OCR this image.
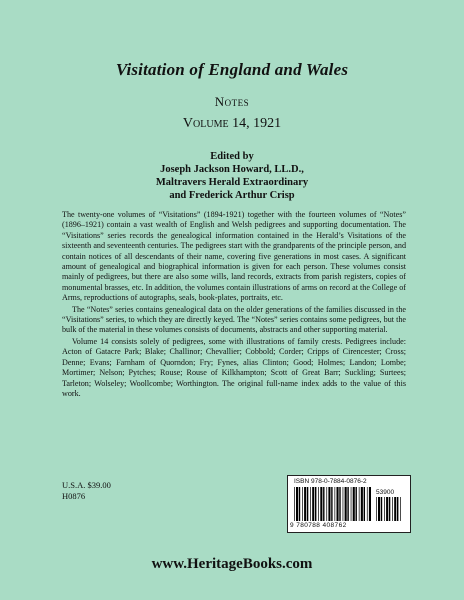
Visitation of England and Wales
Notes
Volume 14, 1921
Edited by
Joseph Jackson Howard, LL.D.,
Maltravers Herald Extraordinary
and Frederick Arthur Crisp

The twenty-one volumes of “Visitations” (1894-1921) together with the fourteen volumes of “Notes” (1896–1921) contain a vast wealth of English and Welsh pedigrees and supporting documentation. The “Visitations” series records the genealogical information contained in the Herald’s Visitations of the sixteenth and seventeenth centuries. The pedigrees start with the grandparents of the principle person, and contain notices of all descendants of their name, covering five generations in most cases. A significant amount of genealogical and biographical information is given for each person. These volumes consist mainly of pedigrees, but there are also some wills, land records, extracts from parish registers, copies of monumental brasses, etc. In addition, the volumes contain illustrations of arms on record at the College of Arms, reproductions of autographs, seals, book-plates, portraits, etc.

The “Notes” series contains genealogical data on the older generations of the families discussed in the “Visitations” series, to which they are directly keyed. The “Notes” series contains some pedigrees, but the bulk of the material in these volumes consists of documents, abstracts and other supporting material.

Volume 14 consists solely of pedigrees, some with illustrations of family crests. Pedigrees include: Acton of Gatacre Park; Blake; Challinor; Chevallier; Cobbold; Corder; Cripps of Cirencester; Cross; Denne; Evans; Farnham of Quorndon; Fry; Fynes, alias Clinton; Good; Holmes; Landon; Lombe; Mortimer; Nelson; Pytches; Rouse; Rouse of Kilkhampton; Scott of Great Barr; Suckling; Surtees; Tarleton; Wolseley; Woollcombe; Worthington. The original full-name index adds to the value of this work.

U.S.A. $39.00
H0876
ISBN 978-0-7884-0876-2
53900
9 780788 408762
www.HeritageBooks.com
